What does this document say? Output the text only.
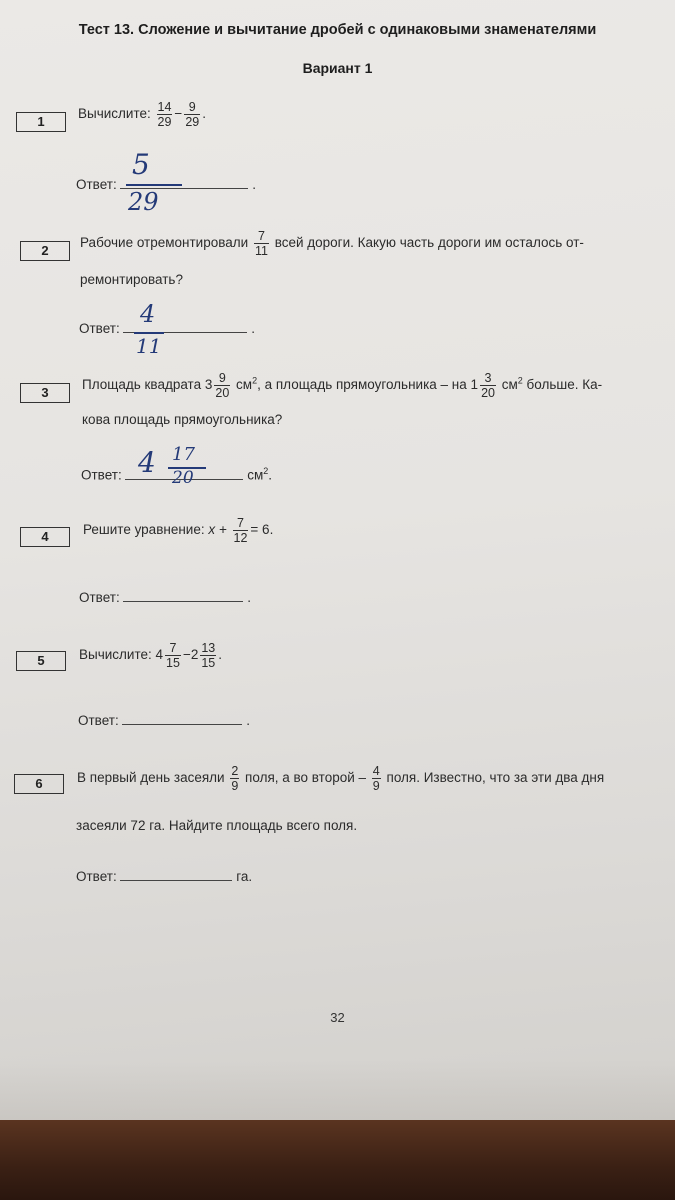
Тест 13. Сложение и вычитание дробей с одинаковыми знаменателями
Вариант 1
1
Вычислите: $\frac{14}{29} - \frac{9}{29}$ .
Ответ:	.
5
29
2
Рабочие отремонтировали $\frac{7}{11}$ всей дороги. Какую часть дороги им осталось от-
ремонтировать?
Ответ:	.
4
11
3
Площадь квадрата $3 \frac{9}{20} см^2$, а площадь прямоугольника – на $1 \frac{3}{20} см^2$ больше. Ка-
кова площадь прямоугольника?
Ответ:	$см^2$.
4 17
20
4	Решите уравнение: $x + \frac{7}{12} = 6$.
Ответ:	.
5	Вычислите: $4 \frac{7}{15} -2 \frac{13}{15}$ .
Ответ:	.
6	В первый день засеяли $\frac{2}{9}$ поля, а во второй – $\frac{4}{9}$ поля. Известно, что за эти два дня
засеяли 72 га. Найдите площадь всего поля.
Ответ:	га.
32
